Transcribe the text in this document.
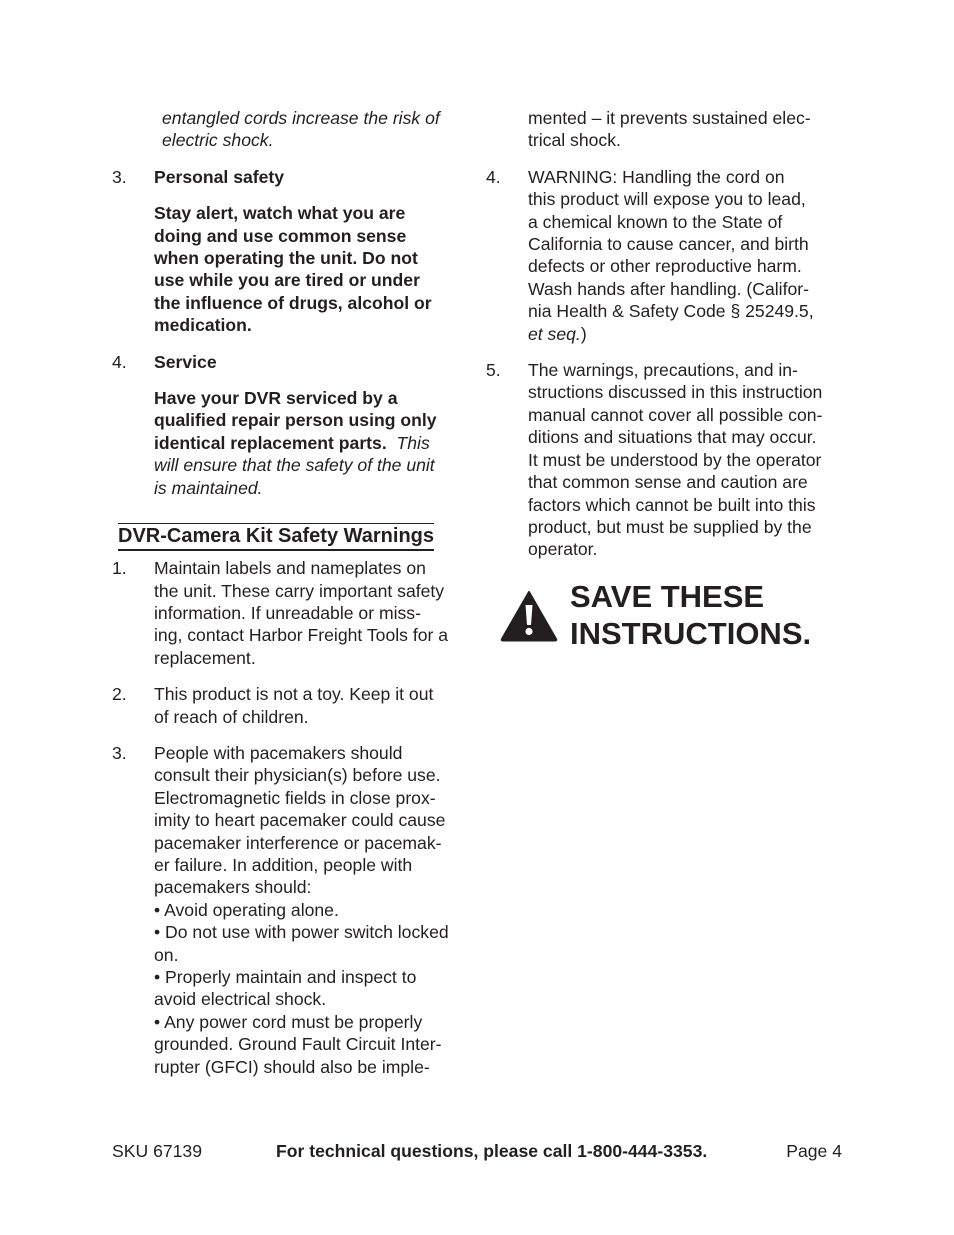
entangled cords increase the risk of
electric shock.
3. Personal safety

Stay alert, watch what you are
doing and use common sense
when operating the unit. Do not
use while you are tired or under
the influence of drugs, alcohol or
medication.
4. Service

Have your DVR serviced by a
qualified repair person using only
identical replacement parts. This
will ensure that the safety of the unit
is maintained.
DVR-Camera Kit Safety Warnings
1. Maintain labels and nameplates on
the unit. These carry important safety
information. If unreadable or miss-
ing, contact Harbor Freight Tools for a
replacement.
2. This product is not a toy. Keep it out
of reach of children.
3. People with pacemakers should
consult their physician(s) before use.
Electromagnetic fields in close prox-
imity to heart pacemaker could cause
pacemaker interference or pacemak-
er failure. In addition, people with
pacemakers should:
• Avoid operating alone.
• Do not use with power switch locked
on.
• Properly maintain and inspect to
avoid electrical shock.
• Any power cord must be properly
grounded. Ground Fault Circuit Inter-
rupter (GFCI) should also be imple-
mented – it prevents sustained elec-
trical shock.
4. WARNING: Handling the cord on
this product will expose you to lead,
a chemical known to the State of
California to cause cancer, and birth
defects or other reproductive harm.
Wash hands after handling. (Califor-
nia Health & Safety Code § 25249.5,
et seq.)
5. The warnings, precautions, and in-
structions discussed in this instruction
manual cannot cover all possible con-
ditions and situations that may occur.
It must be understood by the operator
that common sense and caution are
factors which cannot be built into this
product, but must be supplied by the
operator.
SAVE THESE
INSTRUCTIONS.
SKU 67139	For technical questions, please call 1-800-444-3353.	Page 4
